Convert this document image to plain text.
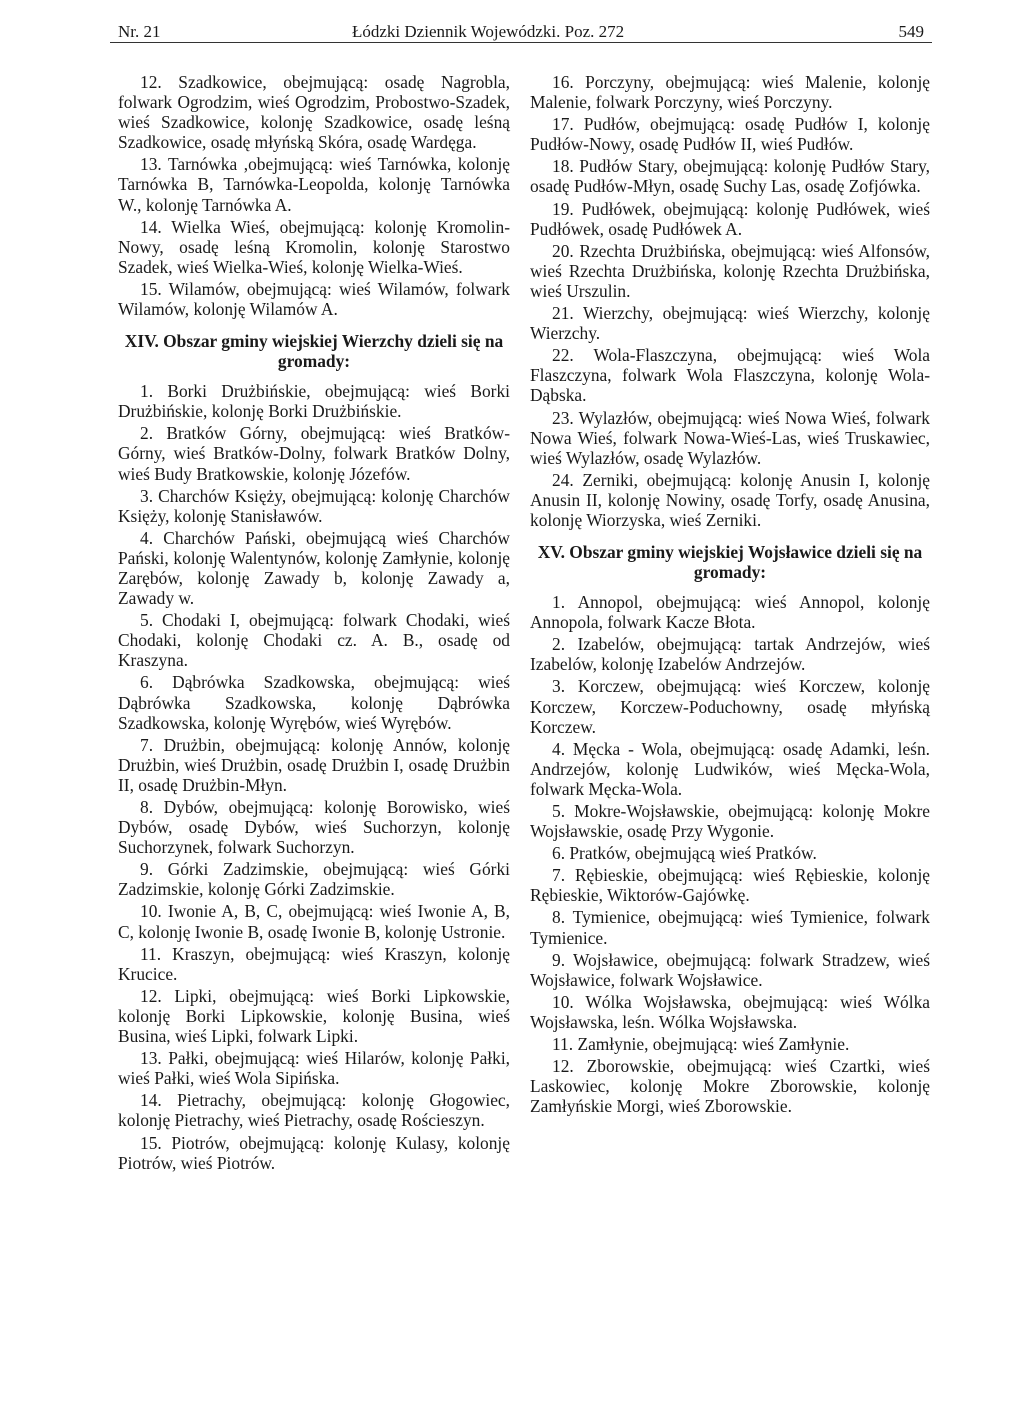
Nr. 21	Łódzki Dziennik Wojewódzki. Poz. 272	549

12. Szadkowice, obejmującą: osadę Nagrobla, folwark Ogrodzim, wieś Ogrodzim, Probostwo-Szadek, wieś Szadkowice, kolonję Szadkowice, osadę leśną Szadkowice, osadę młyńską Skóra, osadę Wardęga.

13. Tarnówka ,obejmującą: wieś Tarnówka, kolonję Tarnówka B, Tarnówka-Leopolda, kolonję Tarnówka W., kolonję Tarnówka A.

14. Wielka Wieś, obejmującą: kolonję Kromolin-Nowy, osadę leśną Kromolin, kolonję Starostwo Szadek, wieś Wielka-Wieś, kolonję Wielka-Wieś.

15. Wilamów, obejmującą: wieś Wilamów, folwark Wilamów, kolonję Wilamów A.

XIV. Obszar gminy wiejskiej Wierzchy dzieli się na gromady:

1. Borki Drużbińskie, obejmującą: wieś Borki Drużbińskie, kolonję Borki Drużbińskie.

2. Bratków Górny, obejmującą: wieś Bratków-Górny, wieś Bratków-Dolny, folwark Bratków Dolny, wieś Budy Bratkowskie, kolonję Józefów.

3. Charchów Księży, obejmującą: kolonję Charchów Księży, kolonję Stanisławów.

4. Charchów Pański, obejmującą wieś Charchów Pański, kolonję Walentynów, kolonję Zamłynie, kolonję Zarębów, kolonję Zawady b, kolonję Zawady a, Zawady w.

5. Chodaki I, obejmującą: folwark Chodaki, wieś Chodaki, kolonję Chodaki cz. A. B., osadę od Kraszyna.

6. Dąbrówka Szadkowska, obejmującą: wieś Dąbrówka Szadkowska, kolonję Dąbrówka Szadkowska, kolonję Wyrębów, wieś Wyrębów.

7. Drużbin, obejmującą: kolonję Annów, kolonję Drużbin, wieś Drużbin, osadę Drużbin I, osadę Drużbin II, osadę Drużbin-Młyn.

8. Dybów, obejmującą: kolonję Borowisko, wieś Dybów, osadę Dybów, wieś Suchorzyn, kolonję Suchorzynek, folwark Suchorzyn.

9. Górki Zadzimskie, obejmującą: wieś Górki Zadzimskie, kolonję Górki Zadzimskie.

10. Iwonie A, B, C, obejmującą: wieś Iwonie A, B, C, kolonję Iwonie B, osadę Iwonie B, kolonję Ustronie.

11. Kraszyn, obejmującą: wieś Kraszyn, kolonję Krucice.

12. Lipki, obejmującą: wieś Borki Lipkowskie, kolonję Borki Lipkowskie, kolonję Busina, wieś Busina, wieś Lipki, folwark Lipki.

13. Pałki, obejmującą: wieś Hilarów, kolonję Pałki, wieś Pałki, wieś Wola Sipińska.

14. Pietrachy, obejmującą: kolonję Głogowiec, kolonję Pietrachy, wieś Pietrachy, osadę Rościeszyn.

15. Piotrów, obejmującą: kolonję Kulasy, kolonję Piotrów, wieś Piotrów.

16. Porczyny, obejmującą: wieś Malenie, kolonję Malenie, folwark Porczyny, wieś Porczyny.

17. Pudłów, obejmującą: osadę Pudłów I, kolonję Pudłów-Nowy, osadę Pudłów II, wieś Pudłów.

18. Pudłów Stary, obejmującą: kolonję Pudłów Stary, osadę Pudłów-Młyn, osadę Suchy Las, osadę Zofjówka.

19. Pudłówek, obejmującą: kolonję Pudłówek, wieś Pudłówek, osadę Pudłówek A.

20. Rzechta Drużbińska, obejmującą: wieś Alfonsów, wieś Rzechta Drużbińska, kolonję Rzechta Drużbińska, wieś Urszulin.

21. Wierzchy, obejmującą: wieś Wierzchy, kolonję Wierzchy.

22. Wola-Flaszczyna, obejmującą: wieś Wola Flaszczyna, folwark Wola Flaszczyna, kolonję Wola-Dąbska.

23. Wylazłów, obejmującą: wieś Nowa Wieś, folwark Nowa Wieś, folwark Nowa-Wieś-Las, wieś Truskawiec, wieś Wylazłów, osadę Wylazłów.

24. Zerniki, obejmującą: kolonję Anusin I, kolonję Anusin II, kolonję Nowiny, osadę Torfy, osadę Anusina, kolonję Wiorzyska, wieś Zerniki.

XV. Obszar gminy wiejskiej Wojsławice dzieli się na gromady:

1. Annopol, obejmującą: wieś Annopol, kolonję Annopola, folwark Kacze Błota.

2. Izabelów, obejmującą: tartak Andrzejów, wieś Izabelów, kolonję Izabelów Andrzejów.

3. Korczew, obejmującą: wieś Korczew, kolonję Korczew, Korczew-Poduchowny, osadę młyńską Korczew.

4. Męcka - Wola, obejmującą: osadę Adamki, leśn. Andrzejów, kolonję Ludwików, wieś Męcka-Wola, folwark Męcka-Wola.

5. Mokre-Wojsławskie, obejmującą: kolonję Mokre Wojsławskie, osadę Przy Wygonie.

6. Pratków, obejmującą wieś Pratków.

7. Rębieskie, obejmującą: wieś Rębieskie, kolonję Rębieskie, Wiktorów-Gajówkę.

8. Tymienice, obejmującą: wieś Tymienice, folwark Tymienice.

9. Wojsławice, obejmującą: folwark Stradzew, wieś Wojsławice, folwark Wojsławice.

10. Wólka Wojsławska, obejmującą: wieś Wólka Wojsławska, leśn. Wólka Wojsławska.

11. Zamłynie, obejmującą: wieś Zamłynie.

12. Zborowskie, obejmującą: wieś Czartki, wieś Laskowiec, kolonję Mokre Zborowskie, kolonję Zamłyńskie Morgi, wieś Zborowskie.
